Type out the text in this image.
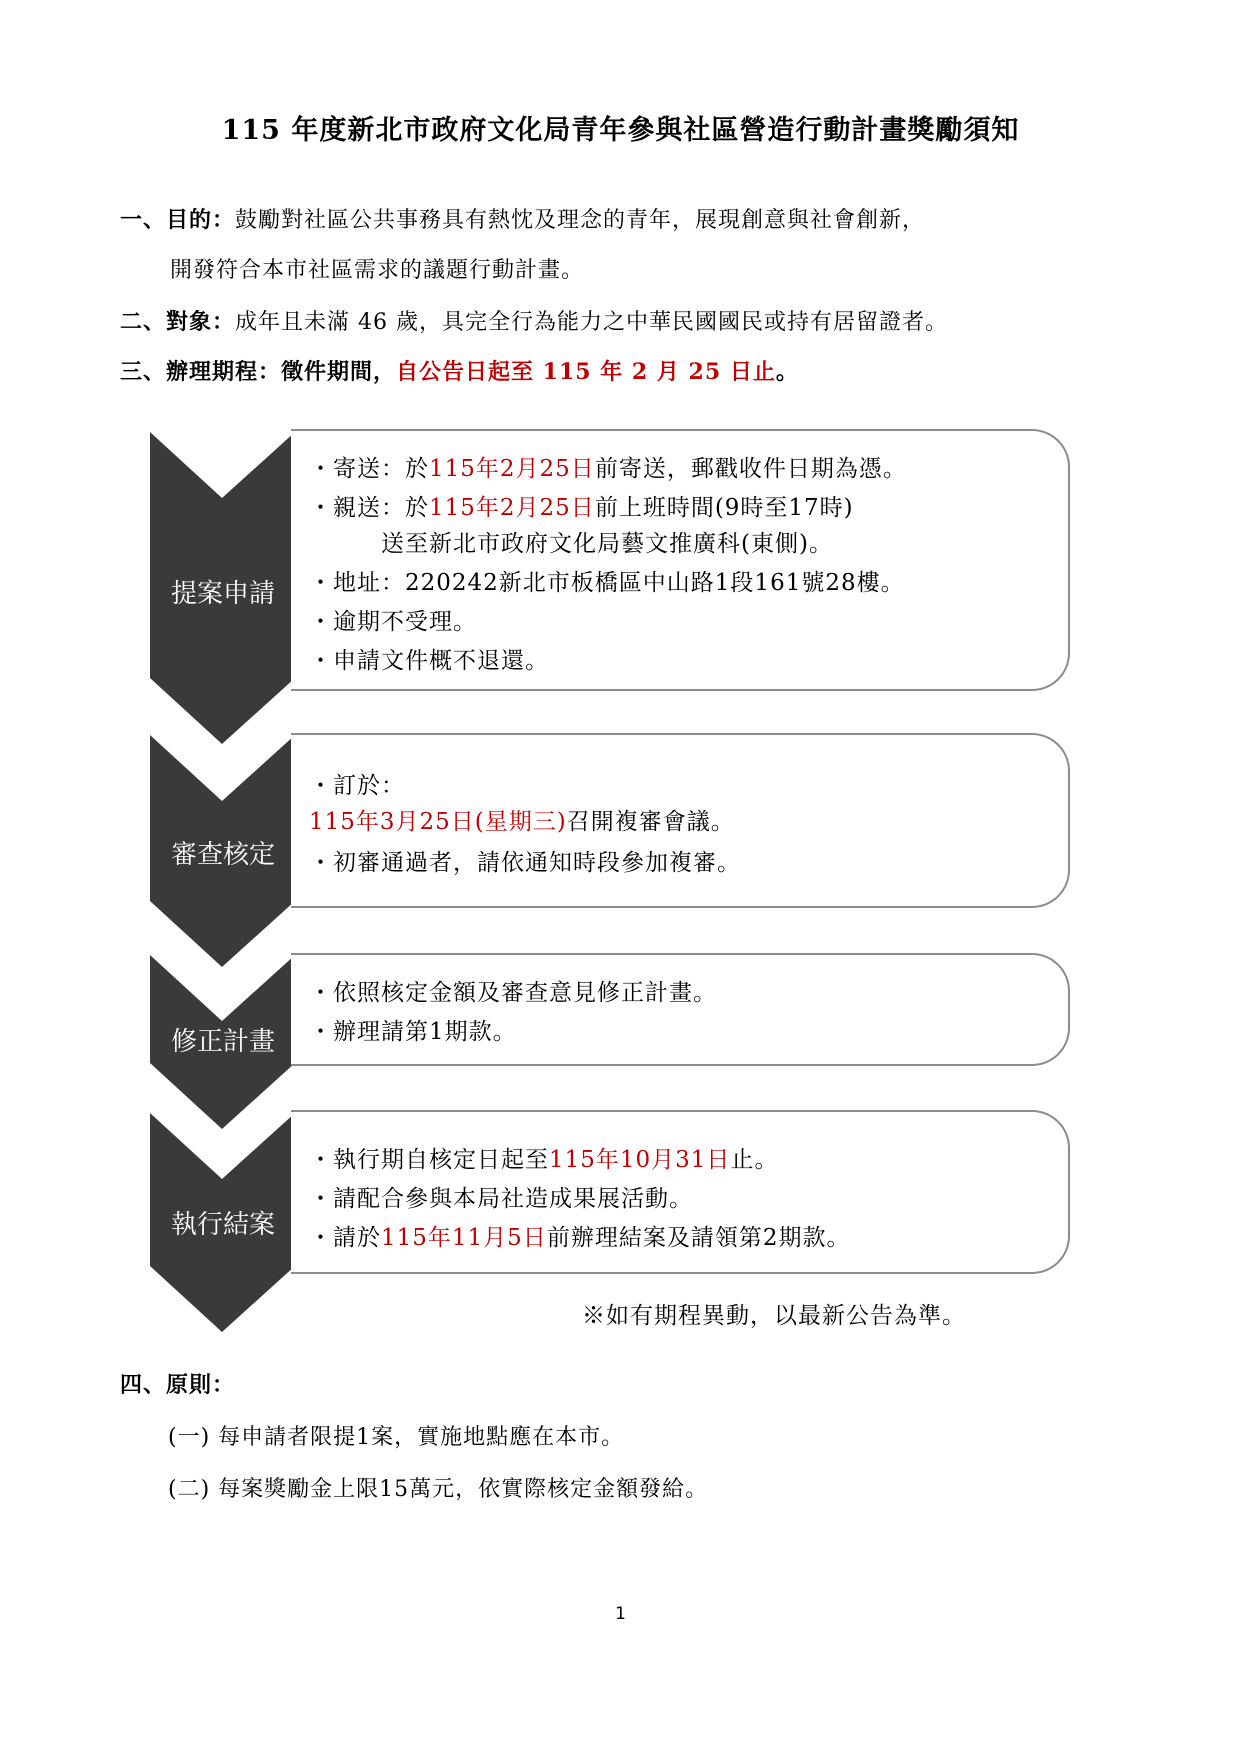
115 年度新北市政府文化局青年參與社區營造行動計畫獎勵須知
一、目的：鼓勵對社區公共事務具有熱忱及理念的青年，展現創意與社會創新，
開發符合本市社區需求的議題行動計畫。
二、對象：成年且未滿 46 歲，具完全行為能力之中華民國國民或持有居留證者。
三、辦理期程：徵件期間，自公告日起至 115 年 2 月 25 日止。
提案申請
・寄送：於115年2月25日前寄送，郵戳收件日期為憑。
・親送：於115年2月25日前上班時間(9時至17時)
　　　送至新北市政府文化局藝文推廣科(東側)。
・地址：220242新北市板橋區中山路1段161號28樓。
・逾期不受理。
・申請文件概不退還。
審查核定
・訂於：
115年3月25日(星期三)召開複審會議。
・初審通過者，請依通知時段參加複審。
修正計畫
・依照核定金額及審查意見修正計畫。
・辦理請第1期款。
執行結案
・執行期自核定日起至115年10月31日止。
・請配合參與本局社造成果展活動。
・請於115年11月5日前辦理結案及請領第2期款。
※如有期程異動，以最新公告為準。
四、原則：
(一) 每申請者限提1案，實施地點應在本市。
(二) 每案獎勵金上限15萬元，依實際核定金額發給。
1
